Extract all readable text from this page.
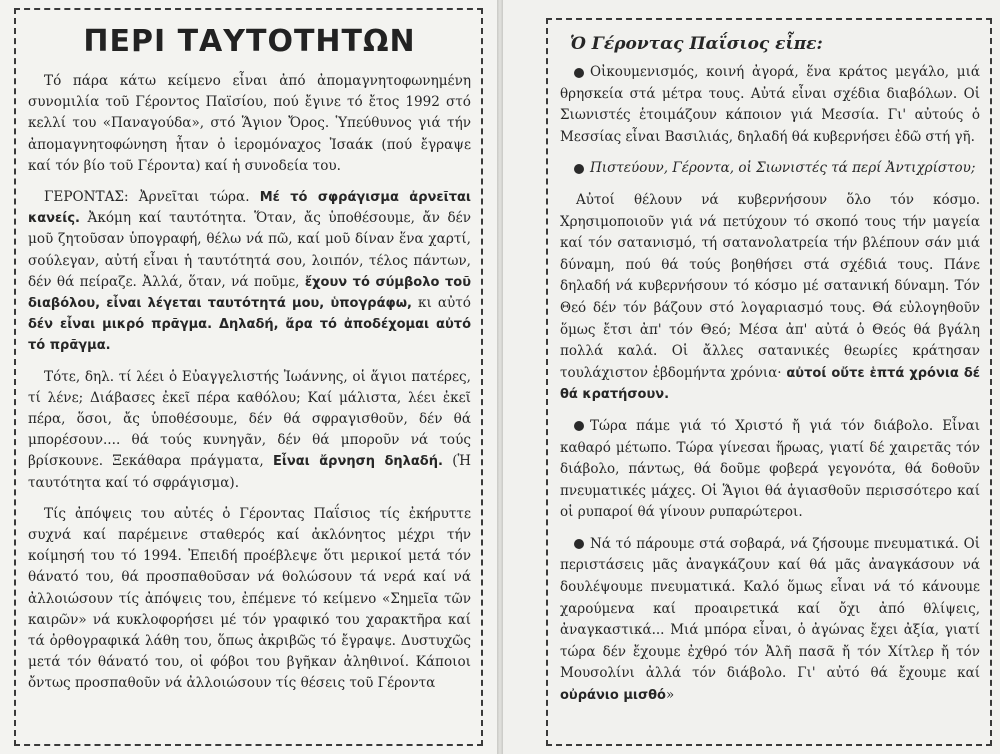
ΠΕΡΙ ΤΑΥΤΟΤΗΤΩΝ

Τό πάρα κάτω κείμενο εἶναι ἀπό ἀπομαγνητοφωνημένη συνομιλία τοῦ Γέροντος Παϊσίου, πού ἔγινε τό ἔτος 1992 στό κελλί του «Παναγούδα», στό Ἅγιον Ὄρος. Ὑπεύθυνος γιά τήν ἀπομαγνητοφώνηση ἦταν ὁ ἱερομόναχος Ἰσαάκ (πού ἔγραψε καί τόν βίο τοῦ Γέροντα) καί ἡ συνοδεία του.

ΓΕΡΟΝΤΑΣ: Ἀρνεῖται τώρα. Μέ τό σφράγισμα ἀρνεῖται κανείς. Ἀκόμη καί ταυτότητα. Ὅταν, ἄς ὑποθέσουμε, ἄν δέν μοῦ ζητοῦσαν ὑπογραφή, θέλω νά πῶ, καί μοῦ δίναν ἕνα χαρτί, σούλεγαν, αὐτή εἶναι ἡ ταυτότητά σου, λοιπόν, τέλος πάντων, δέν θά πείραζε. Ἀλλά, ὅταν, νά ποῦμε, ἔχουν τό σύμβολο τοῦ διαβόλου, εἶναι λέγεται ταυτότητά μου, ὑπογράφω, κι αὐτό δέν εἶναι μικρό πρᾶγμα. Δηλαδή, ἄρα τό ἀποδέχομαι αὐτό τό πρᾶγμα.

Τότε, δηλ. τί λέει ὁ Εὐαγγελιστής Ἰωάννης, οἱ ἅγιοι πατέρες, τί λένε; Διάβασες ἐκεῖ πέρα καθόλου; Καί μάλιστα, λέει ἐκεῖ πέρα, ὅσοι, ἄς ὑποθέσουμε, δέν θά σφραγισθοῦν, δέν θά μπορέσουν.... θά τούς κυνηγᾶν, δέν θά μποροῦν νά τούς βρίσκουνε. Ξεκάθαρα πράγματα, Εἶναι ἄρνηση δηλαδή. (Ἡ ταυτότητα καί τό σφράγισμα).

Τίς ἀπόψεις του αὐτές ὁ Γέροντας Παΐσιος τίς ἐκήρυττε συχνά καί παρέμεινε σταθερός καί ἀκλόνητος μέχρι τήν κοίμησή του τό 1994. Ἐπειδή προέβλεψε ὅτι μερικοί μετά τόν θάνατό του, θά προσπαθοῦσαν νά θολώσουν τά νερά καί νά ἀλλοιώσουν τίς ἀπόψεις του, ἐπέμενε τό κείμενο «Σημεῖα τῶν καιρῶν» νά κυκλοφορήσει μέ τόν γραφικό του χαρακτῆρα καί τά ὀρθογραφικά λάθη του, ὅπως ἀκριβῶς τό ἔγραψε. Δυστυχῶς μετά τόν θάνατό του, οἱ φόβοι του βγῆκαν ἀληθινοί. Κάποιοι ὄντως προσπαθοῦν νά ἀλλοιώσουν τίς θέσεις τοῦ Γέροντα

Ὁ Γέροντας Παΐσιος εἶπε:

Οἰκουμενισμός, κοινή ἀγορά, ἕνα κράτος μεγάλο, μιά θρησκεία στά μέτρα τους. Αὐτά εἶναι σχέδια διαβόλων. Οἱ Σιωνιστές ἑτοιμάζουν κάποιον γιά Μεσσία. Γι' αὐτούς ὁ Μεσσίας εἶναι Βασιλιάς, δηλαδή θά κυβερνήσει ἐδῶ στή γῆ.

Πιστεύουν, Γέροντα, οἱ Σιωνιστές τά περί Ἀντιχρίστου;

Αὐτοί θέλουν νά κυβερνήσουν ὅλο τόν κόσμο. Χρησιμοποιοῦν γιά νά πετύχουν τό σκοπό τους τήν μαγεία καί τόν σατανισμό, τή σατανολατρεία τήν βλέπουν σάν μιά δύναμη, πού θά τούς βοηθήσει στά σχέδιά τους. Πάνε δηλαδή νά κυβερνήσουν τό κόσμο μέ σατανική δύναμη. Τόν Θεό δέν τόν βάζουν στό λογαριασμό τους. Θά εὐλογηθοῦν ὅμως ἔτσι ἀπ' τόν Θεό; Μέσα ἀπ' αὐτά ὁ Θεός θά βγάλη πολλά καλά. Οἱ ἄλλες σατανικές θεωρίες κράτησαν τουλάχιστον ἑβδομήντα χρόνια· αὐτοί οὔτε ἑπτά χρόνια δέ θά κρατήσουν.

Τώρα πάμε γιά τό Χριστό ἤ γιά τόν διάβολο. Εἶναι καθαρό μέτωπο. Τώρα γίνεσαι ἥρωας, γιατί δέ χαιρετᾶς τόν διάβολο, πάντως, θά δοῦμε φοβερά γεγονότα, θά δοθοῦν πνευματικές μάχες. Οἱ Ἅγιοι θά ἁγιασθοῦν περισσότερο καί οἱ ρυπαροί θά γίνουν ρυπαρώτεροι.

Νά τό πάρουμε στά σοβαρά, νά ζήσουμε πνευματικά. Οἱ περιστάσεις μᾶς ἀναγκάζουν καί θά μᾶς ἀναγκάσουν νά δουλέψουμε πνευματικά. Καλό ὅμως εἶναι νά τό κάνουμε χαρούμενα καί προαιρετικά καί ὄχι ἀπό θλίψεις, ἀναγκαστικά... Μιά μπόρα εἶναι, ὁ ἀγώνας ἔχει ἀξία, γιατί τώρα δέν ἔχουμε ἐχθρό τόν Ἀλῆ πασᾶ ἤ τόν Χίτλερ ἤ τόν Μουσολίνι ἀλλά τόν διάβολο. Γι' αὐτό θά ἔχουμε καί οὐράνιο μισθό»
